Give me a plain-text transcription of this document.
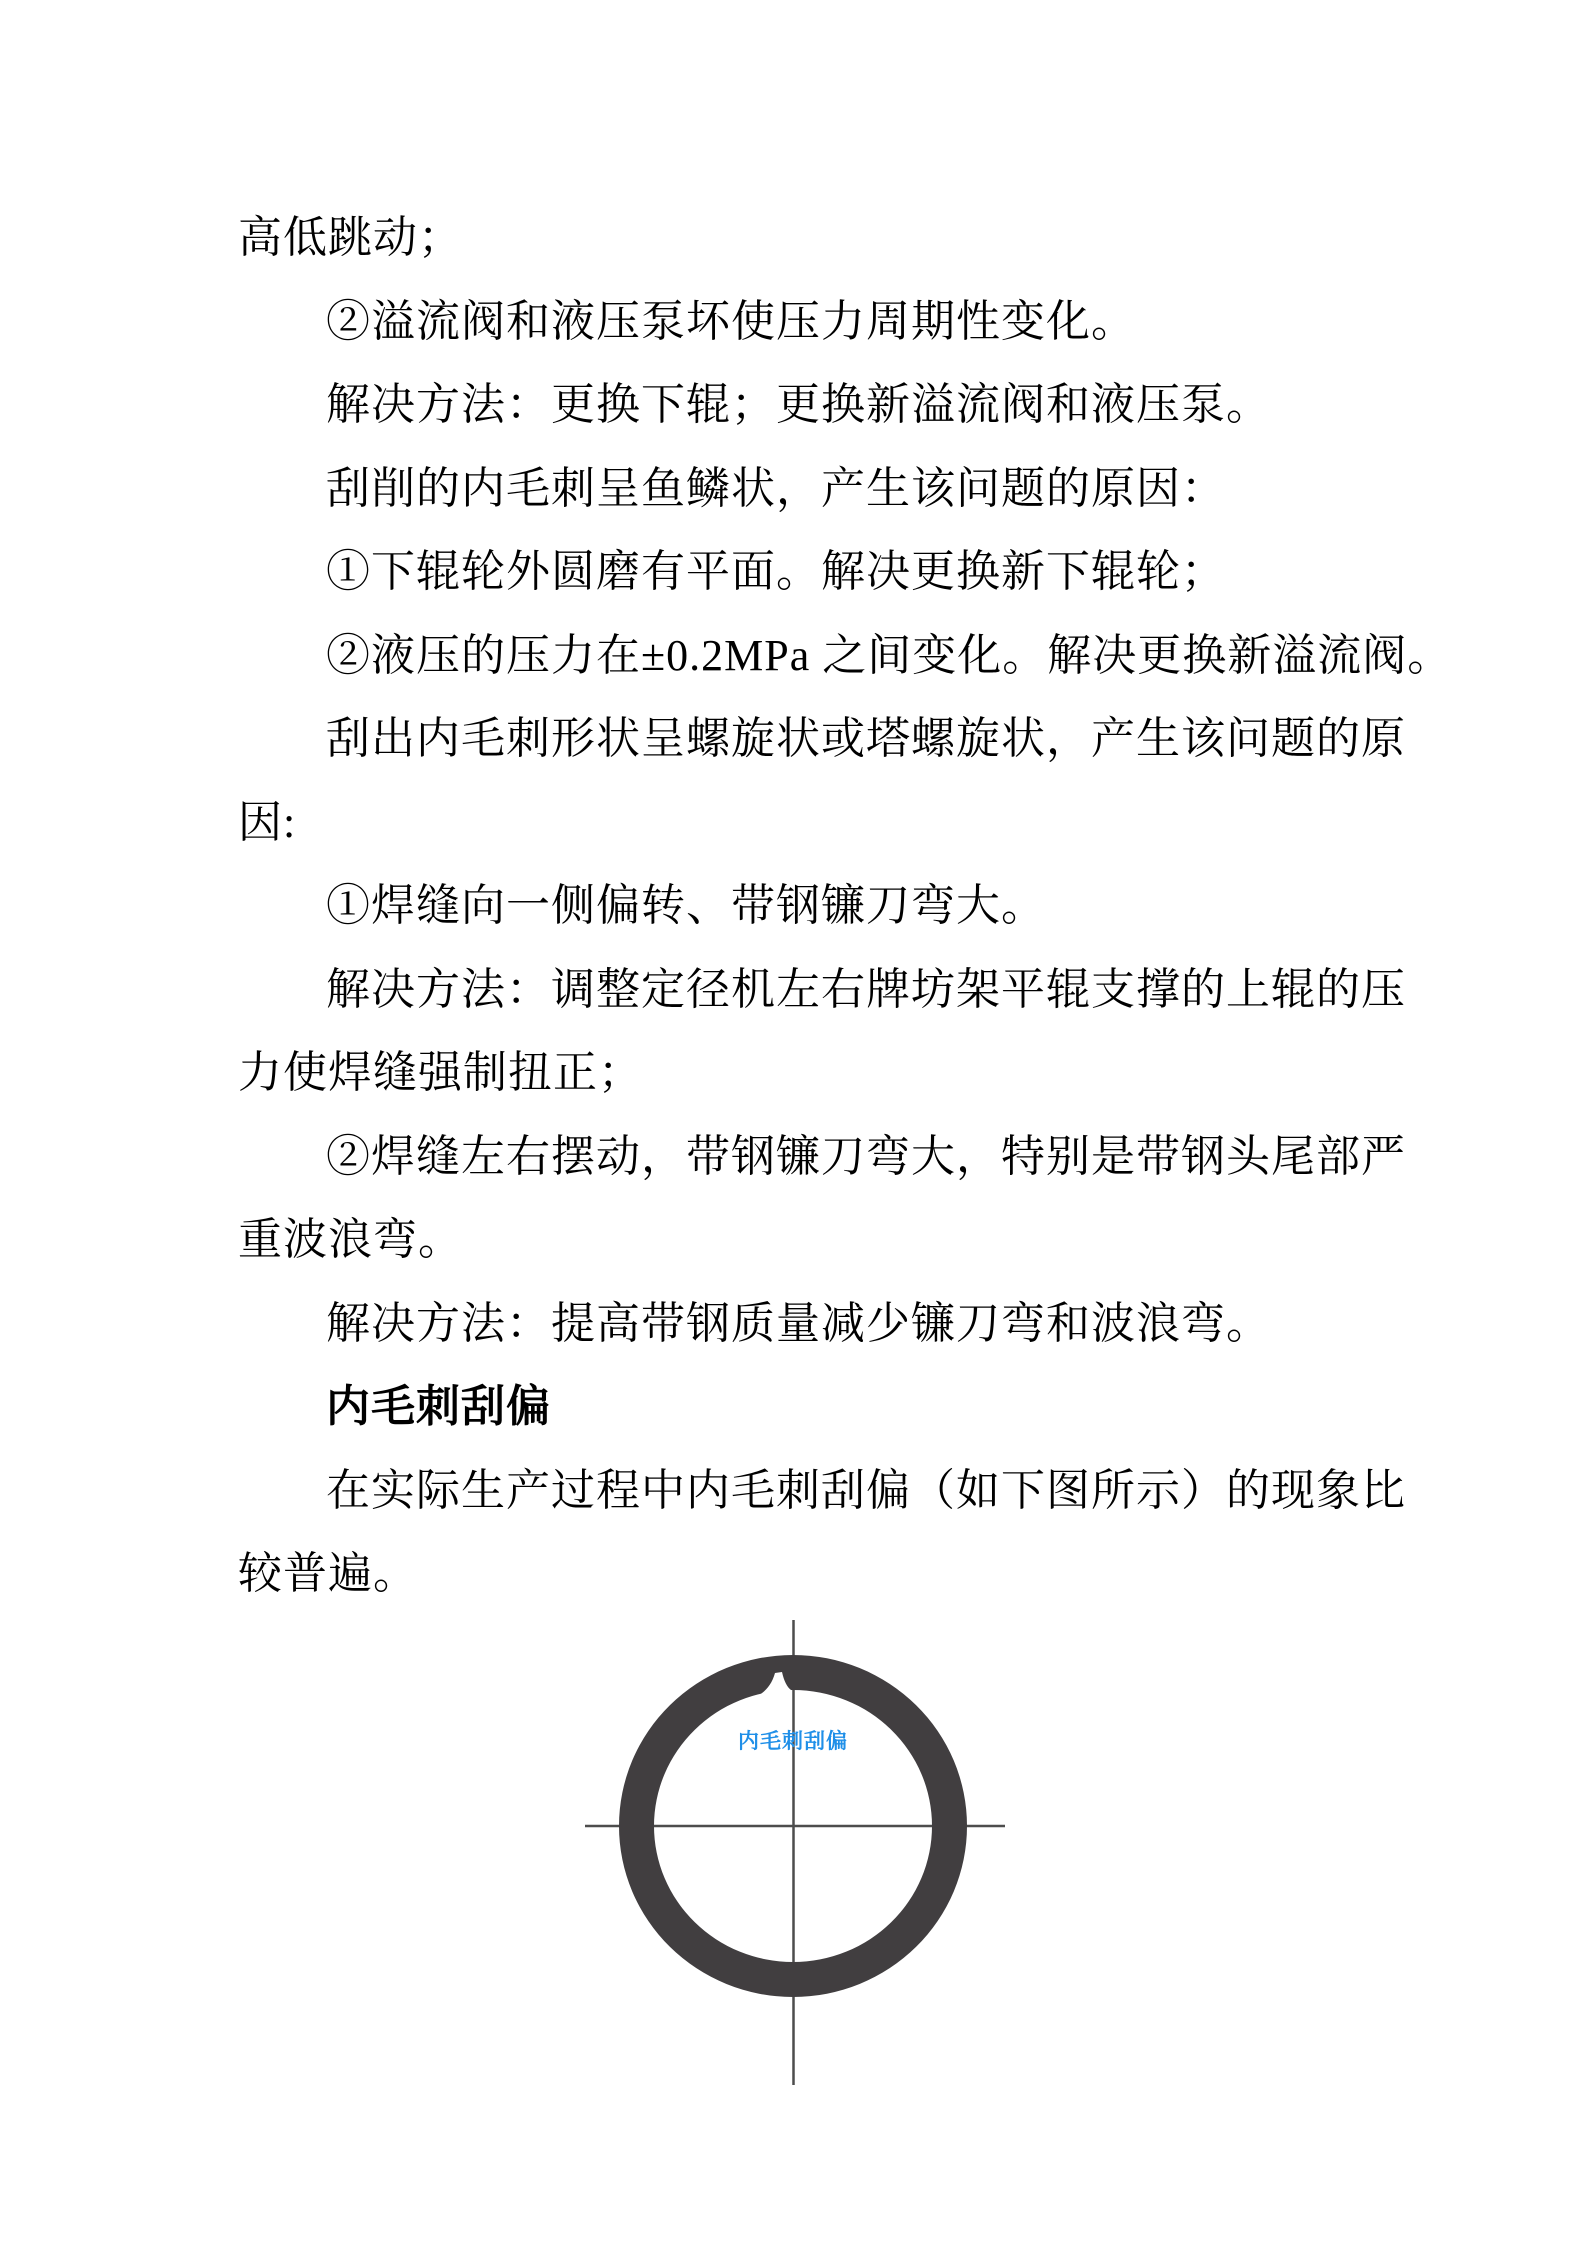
高低跳动；
②溢流阀和液压泵坏使压力周期性变化。
解决方法：更换下辊；更换新溢流阀和液压泵。
刮削的内毛刺呈鱼鳞状，产生该问题的原因：
①下辊轮外圆磨有平面。解决更换新下辊轮；
②液压的压力在±0.2MPa 之间变化。解决更换新溢流阀。
刮出内毛刺形状呈螺旋状或塔螺旋状，产生该问题的原
因:
①焊缝向一侧偏转、带钢镰刀弯大。
解决方法：调整定径机左右牌坊架平辊支撑的上辊的压
力使焊缝强制扭正；
②焊缝左右摆动，带钢镰刀弯大，特别是带钢头尾部严
重波浪弯。
解决方法：提高带钢质量减少镰刀弯和波浪弯。
内毛刺刮偏
在实际生产过程中内毛刺刮偏（如下图所示）的现象比
较普遍。
内毛刺刮偏
